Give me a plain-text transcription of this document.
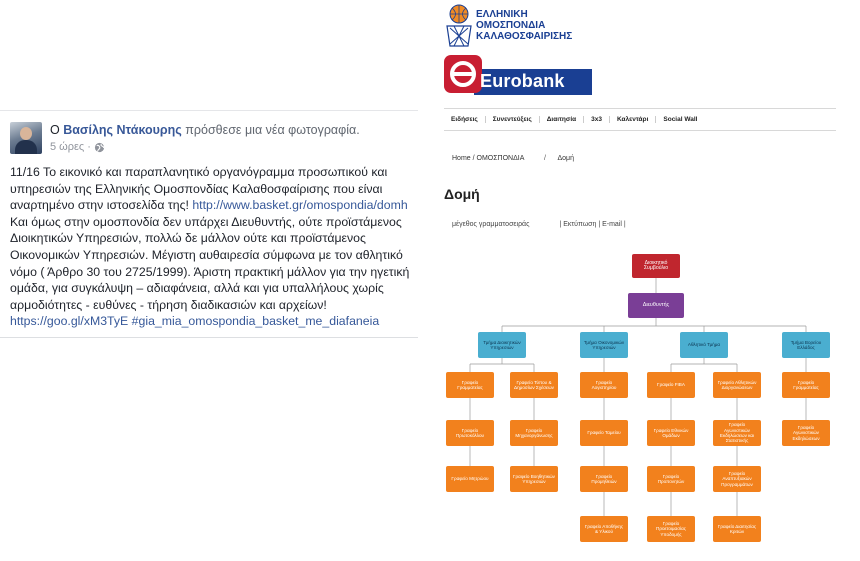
Ο Βασίλης Ντάκουρης πρόσθεσε μια νέα φωτογραφία.
5 ώρες ·
11/16 Το εικονικό και παραπλανητικό οργανόγραμμα προσωπικού και
υπηρεσιών της Ελληνικής Ομοσπονδίας Καλαθοσφαίρισης που είναι
αναρτημένο στην ιστοσελίδα της! http://www.basket.gr/omospondia/domh
Και όμως στην ομοσπονδία δεν υπάρχει Διευθυντής, ούτε προϊστάμενος
Διοικητικών Υπηρεσιών, πολλώ δε μάλλον ούτε και προϊστάμενος
Οικονομικών Υπηρεσιών. Μέγιστη αυθαιρεσία σύμφωνα με τον αθλητικό
νόμο ( Άρθρο 30 του 2725/1999). Άριστη πρακτική μάλλον για την ηγετική
ομάδα, για συγκάλυψη – αδιαφάνεια, αλλά και για υπαλλήλους χωρίς
αρμοδιότητες - ευθύνες - τήρηση διαδικασιών και αρχείων!
https://goo.gl/xM3TyE #gia_mia_omospondia_basket_me_diafaneia
ΕΛΛΗΝΙΚΗ
ΟΜΟΣΠΟΝΔΙΑ
ΚΑΛΑΘΟΣΦΑΙΡΙΣΗΣ
Eurobank
Ειδήσεις	Συνεντεύξεις	Διαιτησία	3x3	Καλεντάρι	Social Wall
Home / ΟΜΟΣΠΟΝΔΙΑ	/ Δομή
Δομή
μέγεθος γραμματοσειράς	| Εκτύπωση | E-mail |
Διοικητικό Συμβούλιο
Διευθυντής
Τμήμα Διοικητικών Υπηρεσιών
Τμήμα Οικονομικών Υπηρεσιών
Αθλητικό Τμήμα
Τμήμα Βορείου Ελλάδος
Γραφείο Γραμματείας
Γραφείο Τύπου & Δημοσίων Σχέσεων
Γραφείο Πρωτοκόλλου
Γραφείο Μηχανοργάνωσης
Γραφείο Μητρώου
Γραφείο Βοηθητικών Υπηρεσιών
Γραφείο Λογιστηρίου
Γραφείο Ταμείου
Γραφείο Προμηθειών
Γραφείο Αποθήκης & Υλικού
Γραφείο FIBA
Γραφείο Αθλητικών Διοργανώσεων
Γραφείο Εθνικών Ομάδων
Γραφείο Αγωνιστικών Εκδηλώσεων και Στατιστικής
Γραφείο Προπονητών
Γραφείο Αναπτυξιακών Προγραμμάτων
Γραφείο Προετοιμασίας Υποδομής
Γραφείο Διαιτησίας Κριτών
Γραφείο Γραμματείας
Γραφείο Αγωνιστικών Εκδηλώσεων
